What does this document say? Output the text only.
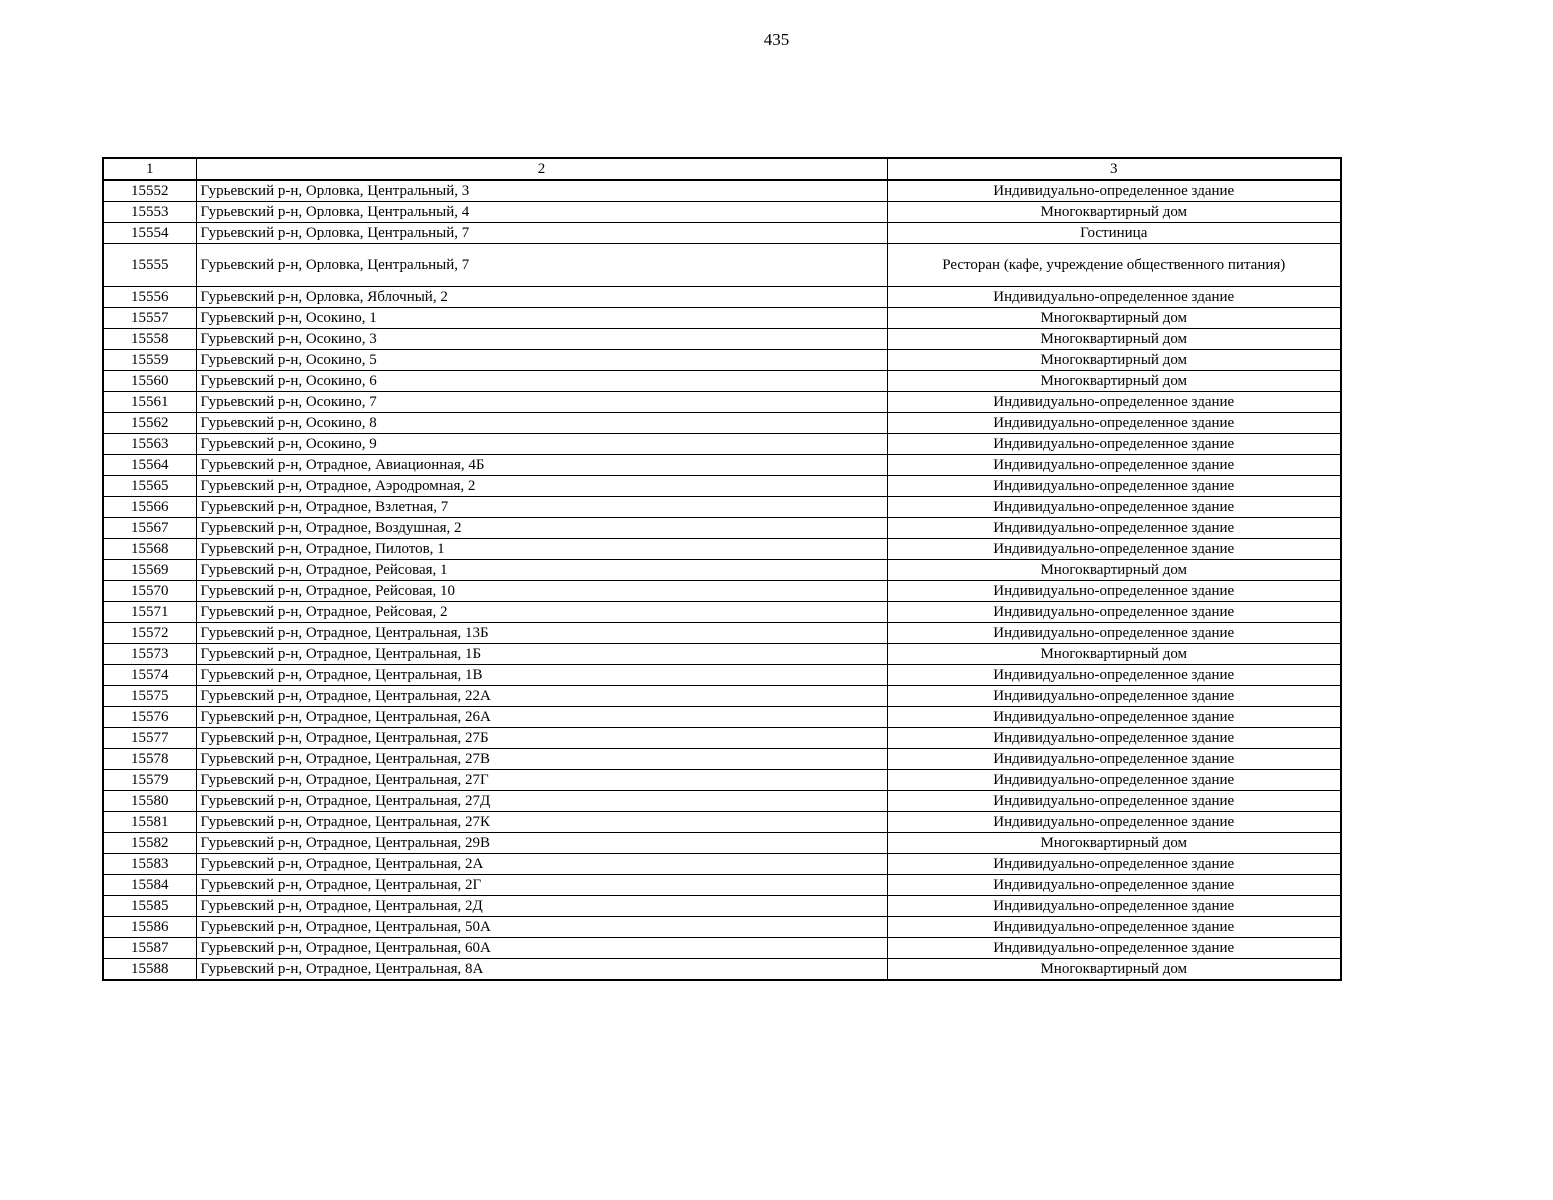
435
1	2	3
15552	Гурьевский р-н, Орловка, Центральный, 3	Индивидуально-определенное здание
15553	Гурьевский р-н, Орловка, Центральный, 4	Многоквартирный дом
15554	Гурьевский р-н, Орловка, Центральный, 7	Гостиница
15555	Гурьевский р-н, Орловка, Центральный, 7	Ресторан (кафе, учреждение общественного питания)
15556	Гурьевский р-н, Орловка, Яблочный, 2	Индивидуально-определенное здание
15557	Гурьевский р-н, Осокино, 1	Многоквартирный дом
15558	Гурьевский р-н, Осокино, 3	Многоквартирный дом
15559	Гурьевский р-н, Осокино, 5	Многоквартирный дом
15560	Гурьевский р-н, Осокино, 6	Многоквартирный дом
15561	Гурьевский р-н, Осокино, 7	Индивидуально-определенное здание
15562	Гурьевский р-н, Осокино, 8	Индивидуально-определенное здание
15563	Гурьевский р-н, Осокино, 9	Индивидуально-определенное здание
15564	Гурьевский р-н, Отрадное, Авиационная, 4Б	Индивидуально-определенное здание
15565	Гурьевский р-н, Отрадное, Аэродромная, 2	Индивидуально-определенное здание
15566	Гурьевский р-н, Отрадное, Взлетная, 7	Индивидуально-определенное здание
15567	Гурьевский р-н, Отрадное, Воздушная, 2	Индивидуально-определенное здание
15568	Гурьевский р-н, Отрадное, Пилотов, 1	Индивидуально-определенное здание
15569	Гурьевский р-н, Отрадное, Рейсовая, 1	Многоквартирный дом
15570	Гурьевский р-н, Отрадное, Рейсовая, 10	Индивидуально-определенное здание
15571	Гурьевский р-н, Отрадное, Рейсовая, 2	Индивидуально-определенное здание
15572	Гурьевский р-н, Отрадное, Центральная, 13Б	Индивидуально-определенное здание
15573	Гурьевский р-н, Отрадное, Центральная, 1Б	Многоквартирный дом
15574	Гурьевский р-н, Отрадное, Центральная, 1В	Индивидуально-определенное здание
15575	Гурьевский р-н, Отрадное, Центральная, 22А	Индивидуально-определенное здание
15576	Гурьевский р-н, Отрадное, Центральная, 26А	Индивидуально-определенное здание
15577	Гурьевский р-н, Отрадное, Центральная, 27Б	Индивидуально-определенное здание
15578	Гурьевский р-н, Отрадное, Центральная, 27В	Индивидуально-определенное здание
15579	Гурьевский р-н, Отрадное, Центральная, 27Г	Индивидуально-определенное здание
15580	Гурьевский р-н, Отрадное, Центральная, 27Д	Индивидуально-определенное здание
15581	Гурьевский р-н, Отрадное, Центральная, 27К	Индивидуально-определенное здание
15582	Гурьевский р-н, Отрадное, Центральная, 29В	Многоквартирный дом
15583	Гурьевский р-н, Отрадное, Центральная, 2А	Индивидуально-определенное здание
15584	Гурьевский р-н, Отрадное, Центральная, 2Г	Индивидуально-определенное здание
15585	Гурьевский р-н, Отрадное, Центральная, 2Д	Индивидуально-определенное здание
15586	Гурьевский р-н, Отрадное, Центральная, 50А	Индивидуально-определенное здание
15587	Гурьевский р-н, Отрадное, Центральная, 60А	Индивидуально-определенное здание
15588	Гурьевский р-н, Отрадное, Центральная, 8А	Многоквартирный дом
